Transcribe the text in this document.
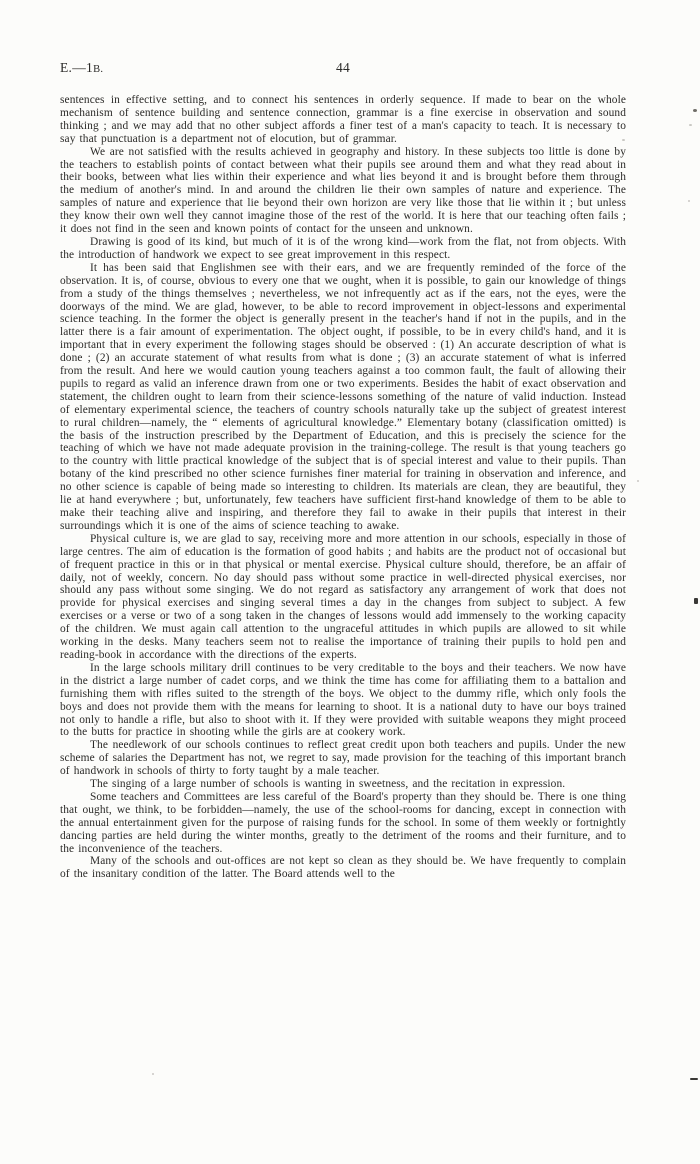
E.—1B.	44

sentences in effective setting, and to connect his sentences in orderly sequence. If made to bear on the whole mechanism of sentence building and sentence connection, grammar is a fine exercise in observation and sound thinking ; and we may add that no other subject affords a finer test of a man's capacity to teach. It is necessary to say that punctuation is a department not of elocution, but of grammar.

We are not satisfied with the results achieved in geography and history. In these subjects too little is done by the teachers to establish points of contact between what their pupils see around them and what they read about in their books, between what lies within their experience and what lies beyond it and is brought before them through the medium of another's mind. In and around the children lie their own samples of nature and experience. The samples of nature and experience that lie beyond their own horizon are very like those that lie within it ; but unless they know their own well they cannot imagine those of the rest of the world. It is here that our teaching often fails ; it does not find in the seen and known points of contact for the unseen and unknown.

Drawing is good of its kind, but much of it is of the wrong kind—work from the flat, not from objects. With the introduction of handwork we expect to see great improvement in this respect.

It has been said that Englishmen see with their ears, and we are frequently reminded of the force of the observation. It is, of course, obvious to every one that we ought, when it is possible, to gain our knowledge of things from a study of the things themselves ; nevertheless, we not infrequently act as if the ears, not the eyes, were the doorways of the mind. We are glad, however, to be able to record improvement in object-lessons and experimental science teaching. In the former the object is generally present in the teacher's hand if not in the pupils, and in the latter there is a fair amount of experimentation. The object ought, if possible, to be in every child's hand, and it is important that in every experiment the following stages should be observed : (1) An accurate description of what is done ; (2) an accurate statement of what results from what is done ; (3) an accurate statement of what is inferred from the result. And here we would caution young teachers against a too common fault, the fault of allowing their pupils to regard as valid an inference drawn from one or two experiments. Besides the habit of exact observation and statement, the children ought to learn from their science-lessons something of the nature of valid induction. Instead of elementary experimental science, the teachers of country schools naturally take up the subject of greatest interest to rural children—namely, the “ elements of agricultural knowledge.” Elementary botany (classification omitted) is the basis of the instruction prescribed by the Department of Education, and this is precisely the science for the teaching of which we have not made adequate provision in the training-college. The result is that young teachers go to the country with little practical knowledge of the subject that is of special interest and value to their pupils. Than botany of the kind prescribed no other science furnishes finer material for training in observation and inference, and no other science is capable of being made so interesting to children. Its materials are clean, they are beautiful, they lie at hand everywhere ; but, unfortunately, few teachers have sufficient first-hand knowledge of them to be able to make their teaching alive and inspiring, and therefore they fail to awake in their pupils that interest in their surroundings which it is one of the aims of science teaching to awake.

Physical culture is, we are glad to say, receiving more and more attention in our schools, especially in those of large centres. The aim of education is the formation of good habits ; and habits are the product not of occasional but of frequent practice in this or in that physical or mental exercise. Physical culture should, therefore, be an affair of daily, not of weekly, concern. No day should pass without some practice in well-directed physical exercises, nor should any pass without some singing. We do not regard as satisfactory any arrangement of work that does not provide for physical exercises and singing several times a day in the changes from subject to subject. A few exercises or a verse or two of a song taken in the changes of lessons would add immensely to the working capacity of the children. We must again call attention to the ungraceful attitudes in which pupils are allowed to sit while working in the desks. Many teachers seem not to realise the importance of training their pupils to hold pen and reading-book in accordance with the directions of the experts.

In the large schools military drill continues to be very creditable to the boys and their teachers. We now have in the district a large number of cadet corps, and we think the time has come for affiliating them to a battalion and furnishing them with rifles suited to the strength of the boys. We object to the dummy rifle, which only fools the boys and does not provide them with the means for learning to shoot. It is a national duty to have our boys trained not only to handle a rifle, but also to shoot with it. If they were provided with suitable weapons they might proceed to the butts for practice in shooting while the girls are at cookery work.

The needlework of our schools continues to reflect great credit upon both teachers and pupils. Under the new scheme of salaries the Department has not, we regret to say, made provision for the teaching of this important branch of handwork in schools of thirty to forty taught by a male teacher.

The singing of a large number of schools is wanting in sweetness, and the recitation in expression.

Some teachers and Committees are less careful of the Board's property than they should be. There is one thing that ought, we think, to be forbidden—namely, the use of the school-rooms for dancing, except in connection with the annual entertainment given for the purpose of raising funds for the school. In some of them weekly or fortnightly dancing parties are held during the winter months, greatly to the detriment of the rooms and their furniture, and to the inconvenience of the teachers.

Many of the schools and out-offices are not kept so clean as they should be. We have frequently to complain of the insanitary condition of the latter. The Board attends well to the
